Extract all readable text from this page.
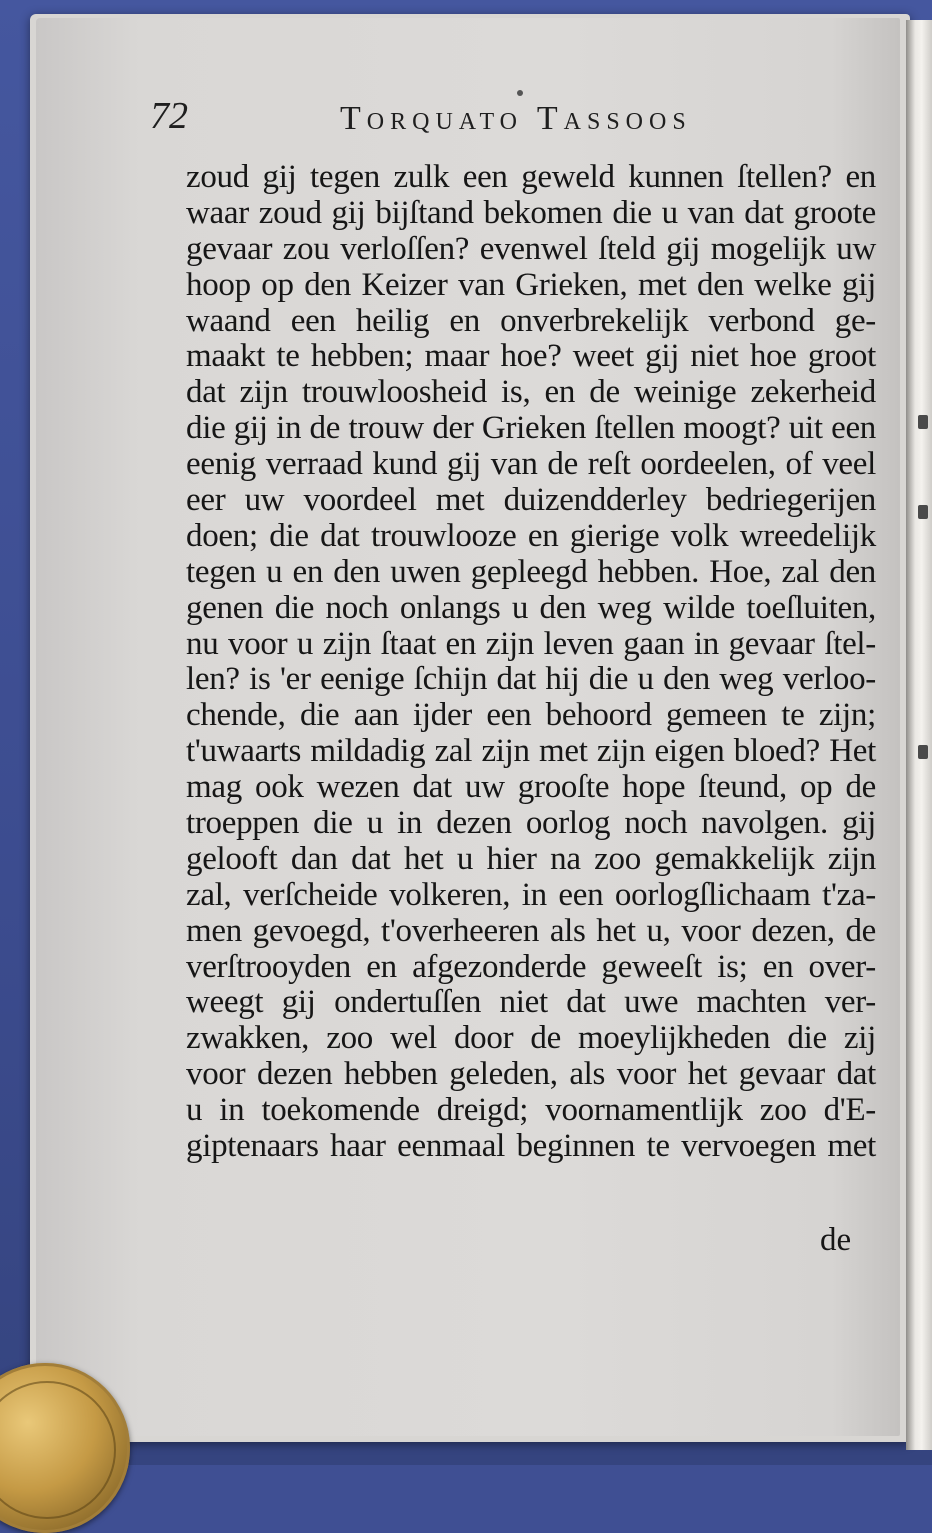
72	Torquato Tassoos
zoud gij tegen zulk een geweld kunnen ſtellen? en
waar zoud gij bijſtand bekomen die u van dat groote
gevaar zou verloſſen? evenwel ſteld gij mogelijk uw
hoop op den Keizer van Grieken, met den welke gij
waand een heilig en onverbrekelijk verbond ge-
maakt te hebben; maar hoe? weet gij niet hoe groot
dat zijn trouwloosheid is, en de weinige zekerheid
die gij in de trouw der Grieken ſtellen moogt? uit een
eenig verraad kund gij van de reſt oordeelen, of veel
eer uw voordeel met duizendderley bedriegerijen
doen; die dat trouwlooze en gierige volk wreedelijk
tegen u en den uwen gepleegd hebben. Hoe, zal den
genen die noch onlangs u den weg wilde toeſluiten,
nu voor u zijn ſtaat en zijn leven gaan in gevaar ſtel-
len? is 'er eenige ſchijn dat hij die u den weg verloo-
chende, die aan ijder een behoord gemeen te zijn;
t'uwaarts mildadig zal zijn met zijn eigen bloed? Het
mag ook wezen dat uw grooſte hope ſteund, op de
troeppen die u in dezen oorlog noch navolgen. gij
gelooft dan dat het u hier na zoo gemakkelijk zijn
zal, verſcheide volkeren, in een oorlogſlichaam t'za-
men gevoegd, t'overheeren als het u, voor dezen, de
verſtrooyden en afgezonderde geweeſt is; en over-
weegt gij ondertuſſen niet dat uwe machten ver-
zwakken, zoo wel door de moeylijkheden die zij
voor dezen hebben geleden, als voor het gevaar dat
u in toekomende dreigd; voornamentlijk zoo d'E-
giptenaars haar eenmaal beginnen te vervoegen met
de
